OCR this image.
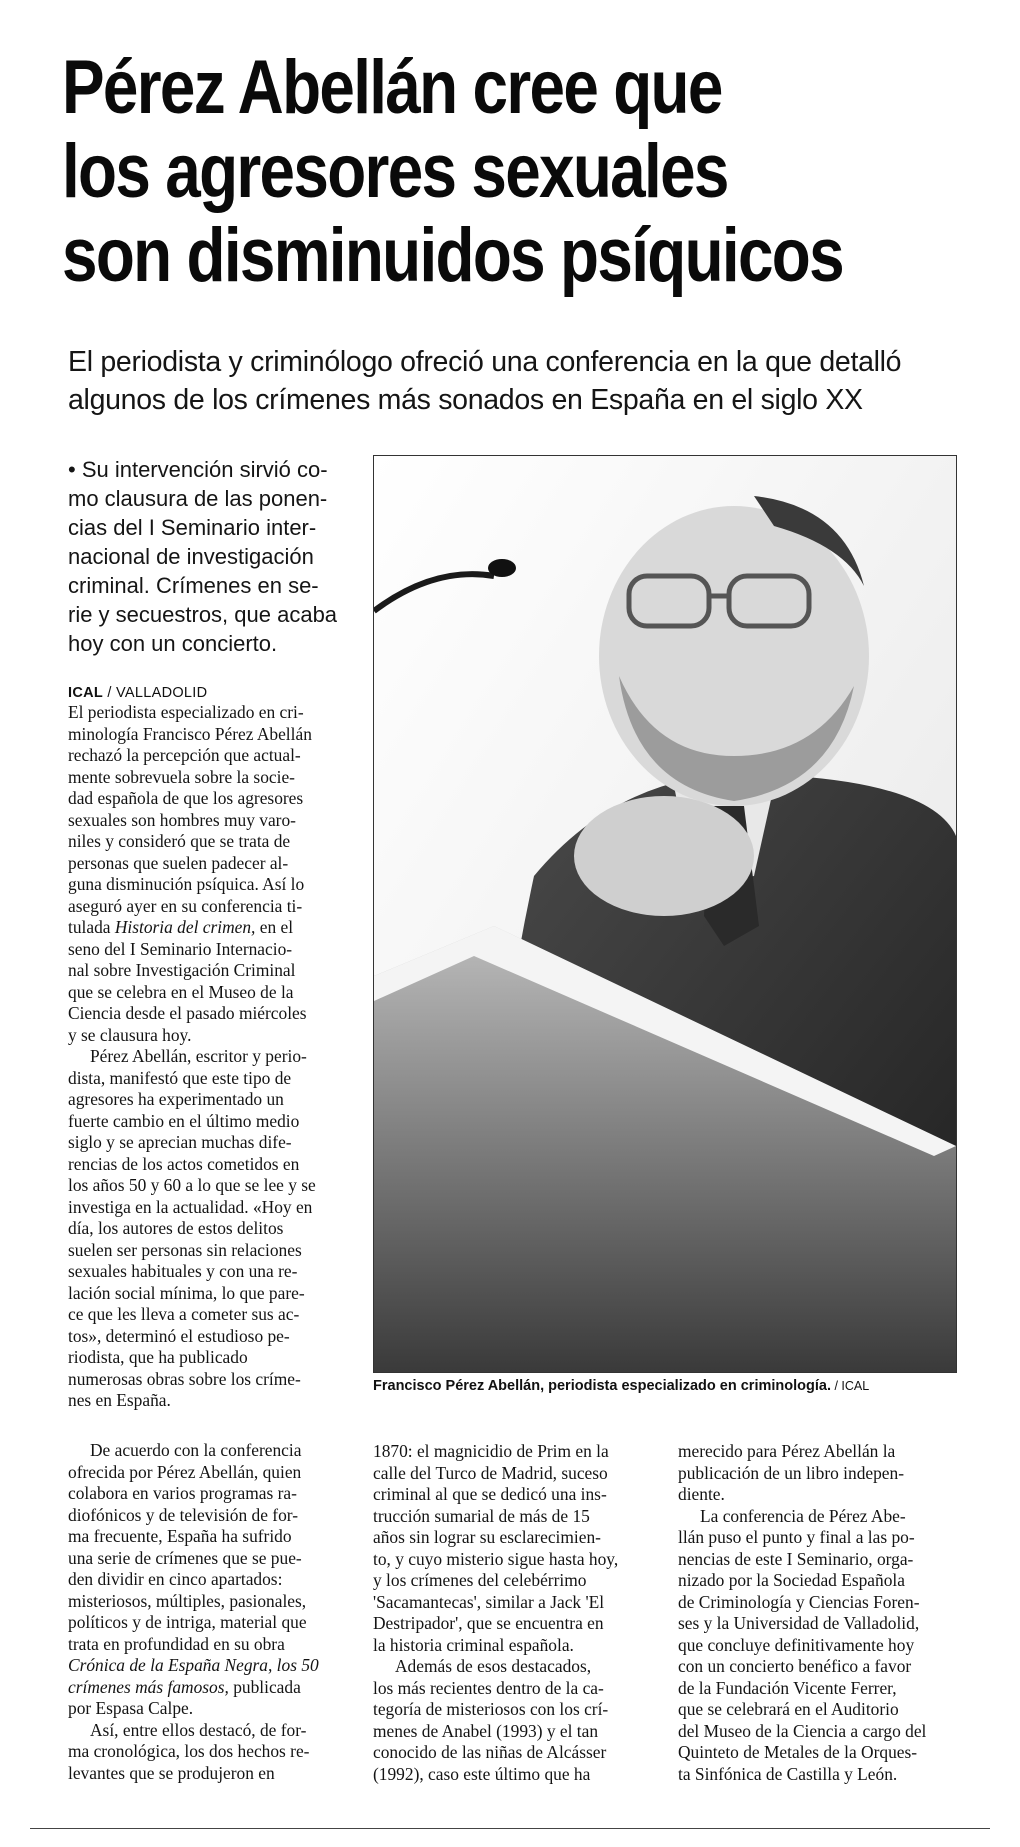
Pérez Abellán cree que
los agresores sexuales
son disminuidos psíquicos
El periodista y criminólogo ofreció una conferencia en la que detalló
algunos de los crímenes más sonados en España en el siglo XX
• Su intervención sirvió co-
mo clausura de las ponen-
cias del I Seminario inter-
nacional de investigación
criminal. Crímenes en se-
rie y secuestros, que acaba
hoy con un concierto.
ICAL / VALLADOLID
El periodista especializado en cri-
minología Francisco Pérez Abellán
rechazó la percepción que actual-
mente sobrevuela sobre la socie-
dad española de que los agresores
sexuales son hombres muy varo-
niles y consideró que se trata de
personas que suelen padecer al-
guna disminución psíquica. Así lo
aseguró ayer en su conferencia ti-
tulada Historia del crimen, en el
seno del I Seminario Internacio-
nal sobre Investigación Criminal
que se celebra en el Museo de la
Ciencia desde el pasado miércoles
y se clausura hoy.
Pérez Abellán, escritor y perio-
dista, manifestó que este tipo de
agresores ha experimentado un
fuerte cambio en el último medio
siglo y se aprecian muchas dife-
rencias de los actos cometidos en
los años 50 y 60 a lo que se lee y se
investiga en la actualidad. «Hoy en
día, los autores de estos delitos
suelen ser personas sin relaciones
sexuales habituales y con una re-
lación social mínima, lo que pare-
ce que les lleva a cometer sus ac-
tos», determinó el estudioso pe-
riodista, que ha publicado
numerosas obras sobre los críme-
nes en España.
De acuerdo con la conferencia
ofrecida por Pérez Abellán, quien
colabora en varios programas ra-
diofónicos y de televisión de for-
ma frecuente, España ha sufrido
una serie de crímenes que se pue-
den dividir en cinco apartados:
misteriosos, múltiples, pasionales,
políticos y de intriga, material que
trata en profundidad en su obra
Crónica de la España Negra, los 50
crímenes más famosos, publicada
por Espasa Calpe.
Así, entre ellos destacó, de for-
ma cronológica, los dos hechos re-
levantes que se produjeron en
Francisco Pérez Abellán, periodista especializado en criminología. / ICAL
1870: el magnicidio de Prim en la
calle del Turco de Madrid, suceso
criminal al que se dedicó una ins-
trucción sumarial de más de 15
años sin lograr su esclarecimien-
to, y cuyo misterio sigue hasta hoy,
y los crímenes del celebérrimo
'Sacamantecas', similar a Jack 'El
Destripador', que se encuentra en
la historia criminal española.
Además de esos destacados,
los más recientes dentro de la ca-
tegoría de misteriosos con los crí-
menes de Anabel (1993) y el tan
conocido de las niñas de Alcásser
(1992), caso este último que ha
merecido para Pérez Abellán la
publicación de un libro indepen-
diente.
La conferencia de Pérez Abe-
llán puso el punto y final a las po-
nencias de este I Seminario, orga-
nizado por la Sociedad Española
de Criminología y Ciencias Foren-
ses y la Universidad de Valladolid,
que concluye definitivamente hoy
con un concierto benéfico a favor
de la Fundación Vicente Ferrer,
que se celebrará en el Auditorio
del Museo de la Ciencia a cargo del
Quinteto de Metales de la Orques-
ta Sinfónica de Castilla y León.
